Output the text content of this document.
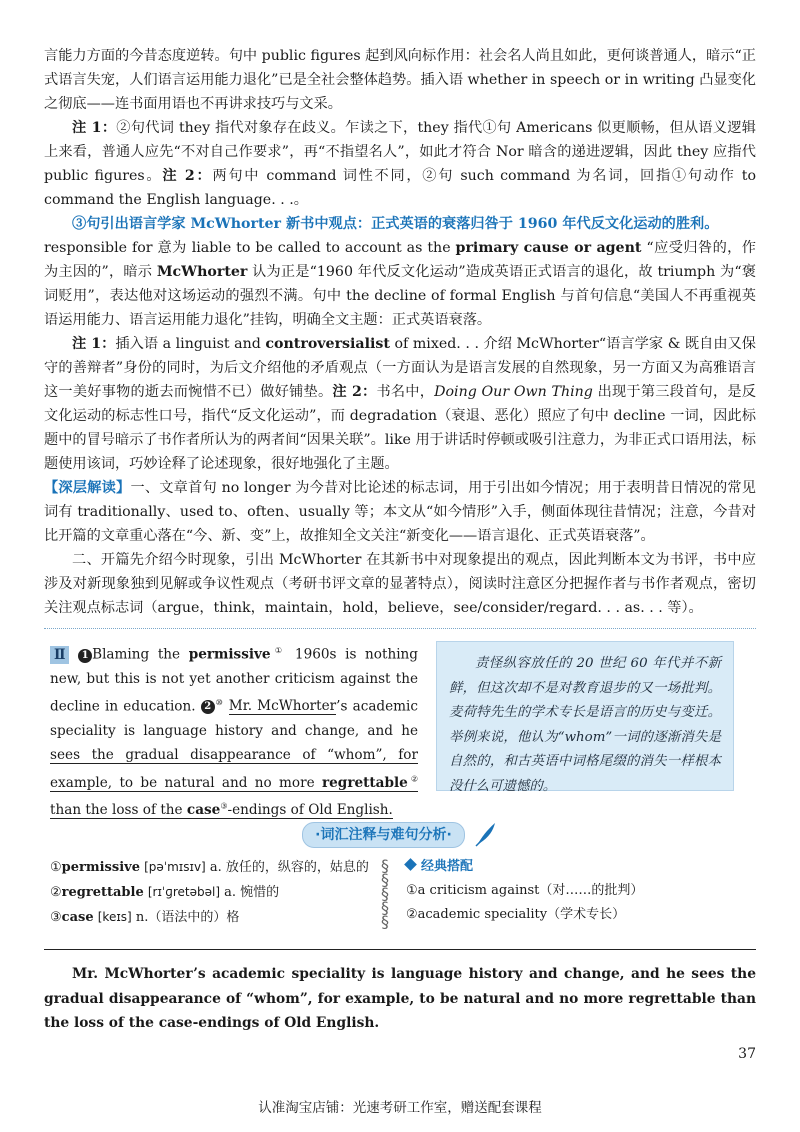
言能力方面的今昔态度逆转。句中 public figures 起到风向标作用：社会名人尚且如此，更何谈普通人，暗示“正式语言失宠，人们语言运用能力退化”已是全社会整体趋势。插入语 whether in speech or in writing 凸显变化之彻底——连书面用语也不再讲求技巧与文采。

注 1：②句代词 they 指代对象存在歧义。乍读之下，they 指代①句 Americans 似更顺畅，但从语义逻辑上来看，普通人应先“不对自己作要求”，再“不指望名人”，如此才符合 Nor 暗含的递进逻辑，因此 they 应指代 public figures。注 2：两句中 command 词性不同，②句 such command 为名词，回指①句动作 to command the English language. . .。

③句引出语言学家 McWhorter 新书中观点：正式英语的衰落归咎于 1960 年代反文化运动的胜利。
responsible for 意为 liable to be called to account as the primary cause or agent “应受归咎的，作为主因的”，暗示 McWhorter 认为正是“1960 年代反文化运动”造成英语正式语言的退化，故 triumph 为“褒词贬用”，表达他对这场运动的强烈不满。句中 the decline of formal English 与首句信息“美国人不再重视英语运用能力、语言运用能力退化”挂钩，明确全文主题：正式英语衰落。

注 1：插入语 a linguist and controversialist of mixed. . . 介绍 McWhorter“语言学家 & 既自由又保守的善辩者”身份的同时，为后文介绍他的矛盾观点（一方面认为是语言发展的自然现象，另一方面又为高雅语言这一美好事物的逝去而惋惜不已）做好铺垫。注 2：书名中，Doing Our Own Thing 出现于第三段首句，是反文化运动的标志性口号，指代“反文化运动”，而 degradation（衰退、恶化）照应了句中 decline 一词，因此标题中的冒号暗示了书作者所认为的两者间“因果关联”。like 用于讲话时停顿或吸引注意力，为非正式口语用法，标题使用该词，巧妙诠释了论述现象，很好地强化了主题。

【深层解读】一、文章首句 no longer 为今昔对比论述的标志词，用于引出如今情况；用于表明昔日情况的常见词有 traditionally、used to、often、usually 等；本文从“如今情形”入手，侧面体现往昔情况；注意，今昔对比开篇的文章重心落在“今、新、变”上，故推知全文关注“新变化——语言退化、正式英语衰落”。

二、开篇先介绍今时现象，引出 McWhorter 在其新书中对现象提出的观点，因此判断本文为书评，书中应涉及对新现象独到见解或争议性观点（考研书评文章的显著特点），阅读时注意区分把握作者与书作者观点，密切关注观点标志词（argue，think，maintain，hold，believe，see/consider/regard. . . as. . . 等）。

Ⅱ 1 Blaming the permissive① 1960s is nothing new, but this is not yet another criticism against the decline in education. 2 ⑩ Mr. McWhorter’s academic speciality is language history and change, and he sees the gradual disappearance of “whom”, for example, to be natural and no more regrettable② than the loss of the case③-endings of Old English.
责怪纵容放任的 20 世纪 60 年代并不新鲜，但这次却不是对教育退步的又一场批判。麦荷特先生的学术专长是语言的历史与变迁。举例来说，他认为“whom”一词的逐渐消失是自然的，和古英语中词格尾缀的消失一样根本没什么可遗憾的。
·词汇注释与难句分析·
①permissive [pəˈmɪsɪv] a. 放任的，纵容的，姑息的
②regrettable [rɪˈɡretəbəl] a. 惋惜的
③case [keɪs] n.（语法中的）格
§
§
§
§
§
经典搭配
①a criticism against（对……的批判）
②academic speciality（学术专长）
Mr. McWhorter’s academic speciality is language history and change, and he sees the gradual disappearance of “whom”, for example, to be natural and no more regrettable than the loss of the case-endings of Old English.
37
认准淘宝店铺：光速考研工作室，赠送配套课程
